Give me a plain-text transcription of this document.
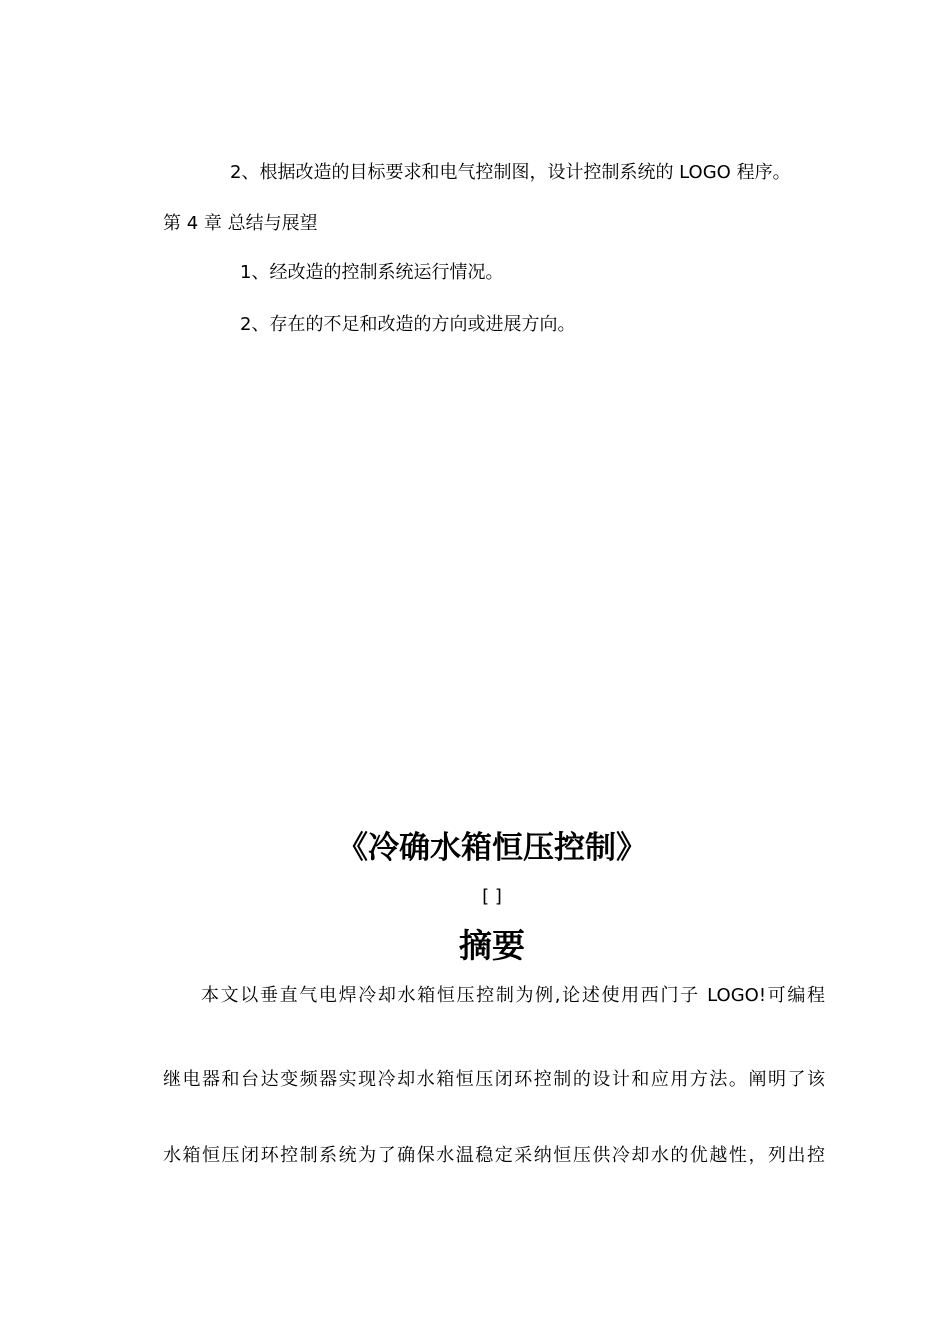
2、根据改造的目标要求和电气控制图，设计控制系统的 LOGO 程序。
第 4 章 总结与展望
1、经改造的控制系统运行情况。
2、存在的不足和改造的方向或进展方向。
《冷确水箱恒压控制》
[ ]
摘要
本文以垂直气电焊冷却水箱恒压控制为例,论述使用西门子 LOGO!可编程
继电器和台达变频器实现冷却水箱恒压闭环控制的设计和应用方法。阐明了该
水箱恒压闭环控制系统为了确保水温稳定采纳恒压供冷却水的优越性，列出控
